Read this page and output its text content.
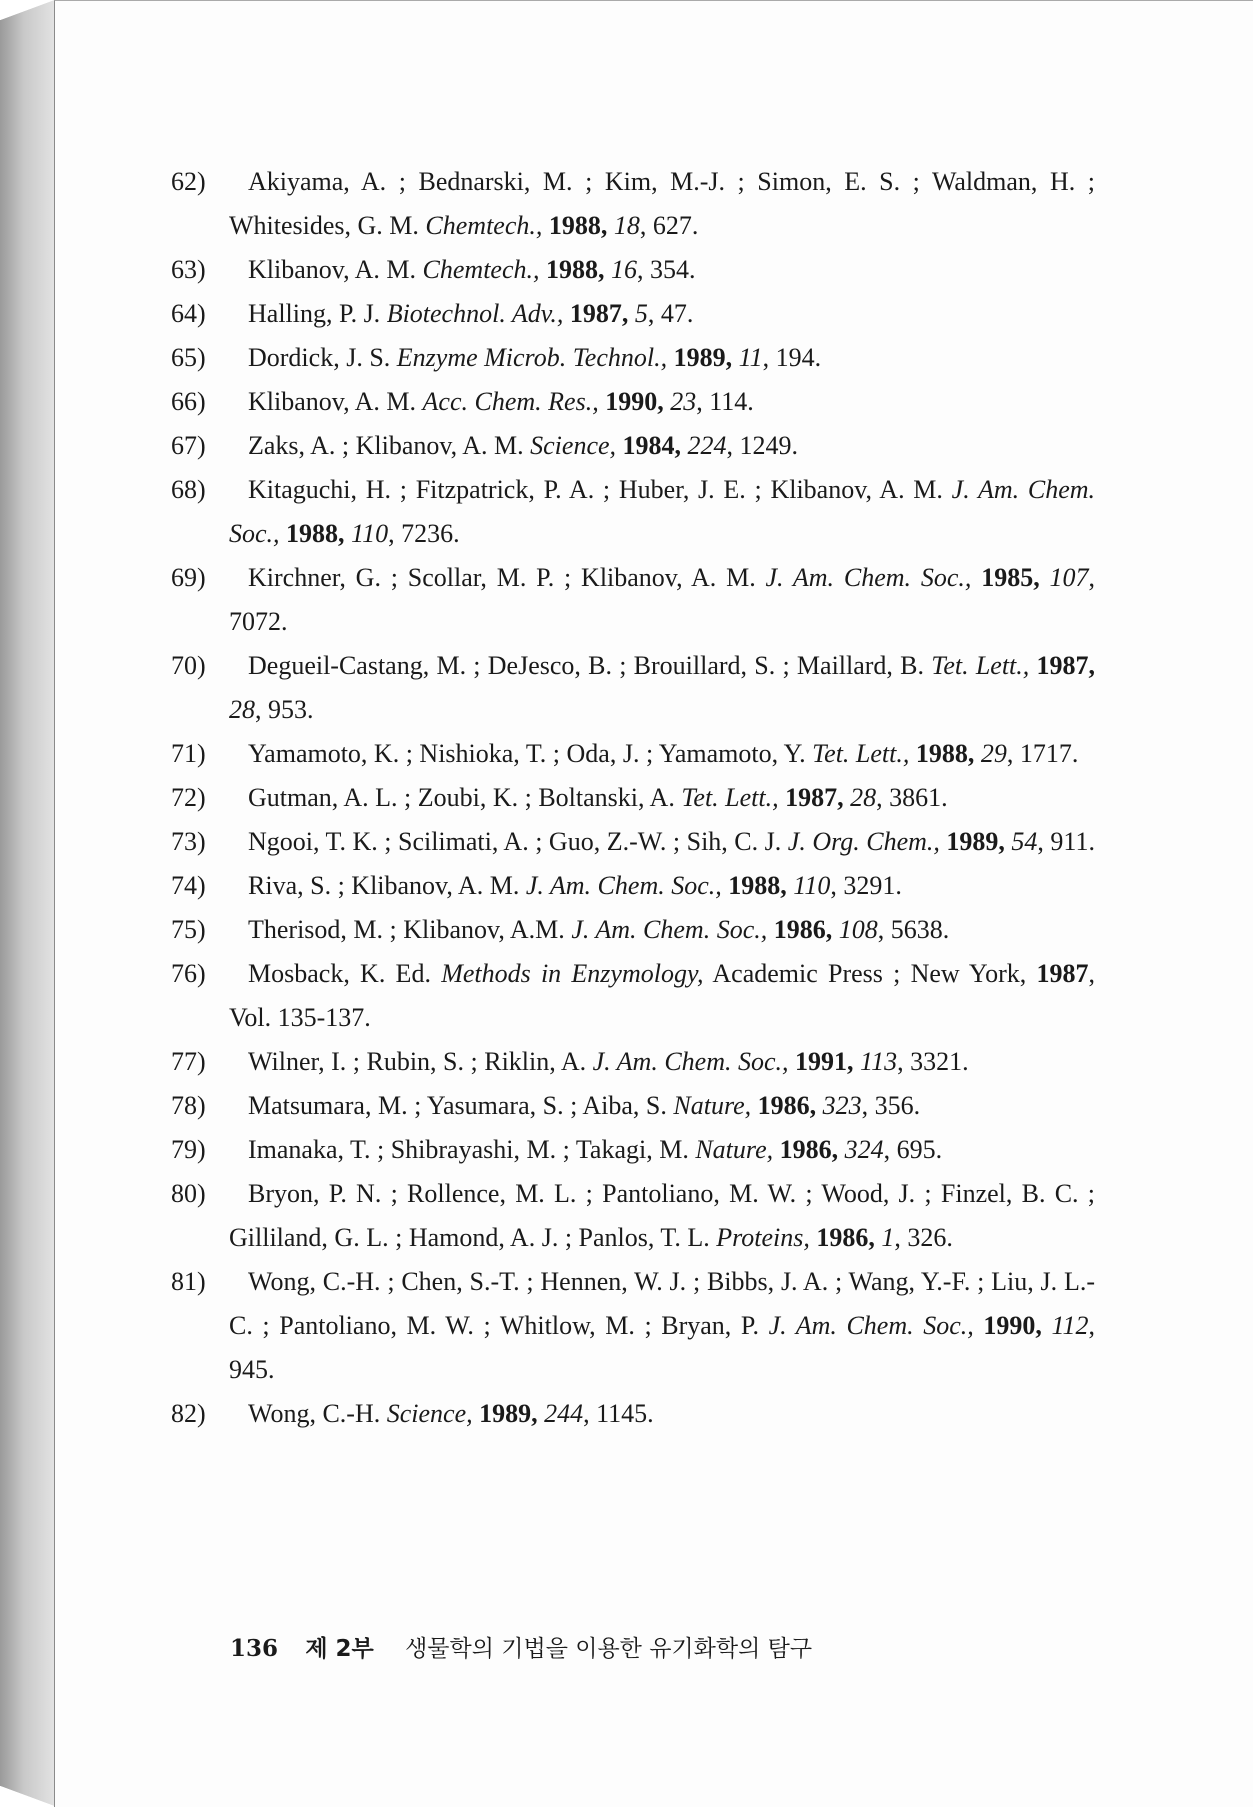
62) Akiyama, A. ; Bednarski, M. ; Kim, M.-J. ; Simon, E. S. ; Waldman, H. ; Whitesides, G. M. Chemtech., 1988, 18, 627.
63) Klibanov, A. M. Chemtech., 1988, 16, 354.
64) Halling, P. J. Biotechnol. Adv., 1987, 5, 47.
65) Dordick, J. S. Enzyme Microb. Technol., 1989, 11, 194.
66) Klibanov, A. M. Acc. Chem. Res., 1990, 23, 114.
67) Zaks, A. ; Klibanov, A. M. Science, 1984, 224, 1249.
68) Kitaguchi, H. ; Fitzpatrick, P. A. ; Huber, J. E. ; Klibanov, A. M. J. Am. Chem. Soc., 1988, 110, 7236.
69) Kirchner, G. ; Scollar, M. P. ; Klibanov, A. M. J. Am. Chem. Soc., 1985, 107, 7072.
70) Degueil-Castang, M. ; DeJesco, B. ; Brouillard, S. ; Maillard, B. Tet. Lett., 1987, 28, 953.
71) Yamamoto, K. ; Nishioka, T. ; Oda, J. ; Yamamoto, Y. Tet. Lett., 1988, 29, 1717.
72) Gutman, A. L. ; Zoubi, K. ; Boltanski, A. Tet. Lett., 1987, 28, 3861.
73) Ngooi, T. K. ; Scilimati, A. ; Guo, Z.-W. ; Sih, C. J. J. Org. Chem., 1989, 54, 911.
74) Riva, S. ; Klibanov, A. M. J. Am. Chem. Soc., 1988, 110, 3291.
75) Therisod, M. ; Klibanov, A.M. J. Am. Chem. Soc., 1986, 108, 5638.
76) Mosback, K. Ed. Methods in Enzymology, Academic Press ; New York, 1987, Vol. 135-137.
77) Wilner, I. ; Rubin, S. ; Riklin, A. J. Am. Chem. Soc., 1991, 113, 3321.
78) Matsumara, M. ; Yasumara, S. ; Aiba, S. Nature, 1986, 323, 356.
79) Imanaka, T. ; Shibrayashi, M. ; Takagi, M. Nature, 1986, 324, 695.
80) Bryon, P. N. ; Rollence, M. L. ; Pantoliano, M. W. ; Wood, J. ; Finzel, B. C. ; Gilliland, G. L. ; Hamond, A. J. ; Panlos, T. L. Proteins, 1986, 1, 326.
81) Wong, C.-H. ; Chen, S.-T. ; Hennen, W. J. ; Bibbs, J. A. ; Wang, Y.-F. ; Liu, J. L.-C. ; Pantoliano, M. W. ; Whitlow, M. ; Bryan, P. J. Am. Chem. Soc., 1990, 112, 945.
82) Wong, C.-H. Science, 1989, 244, 1145.
136 제 2부 생물학의 기법을 이용한 유기화학의 탐구
